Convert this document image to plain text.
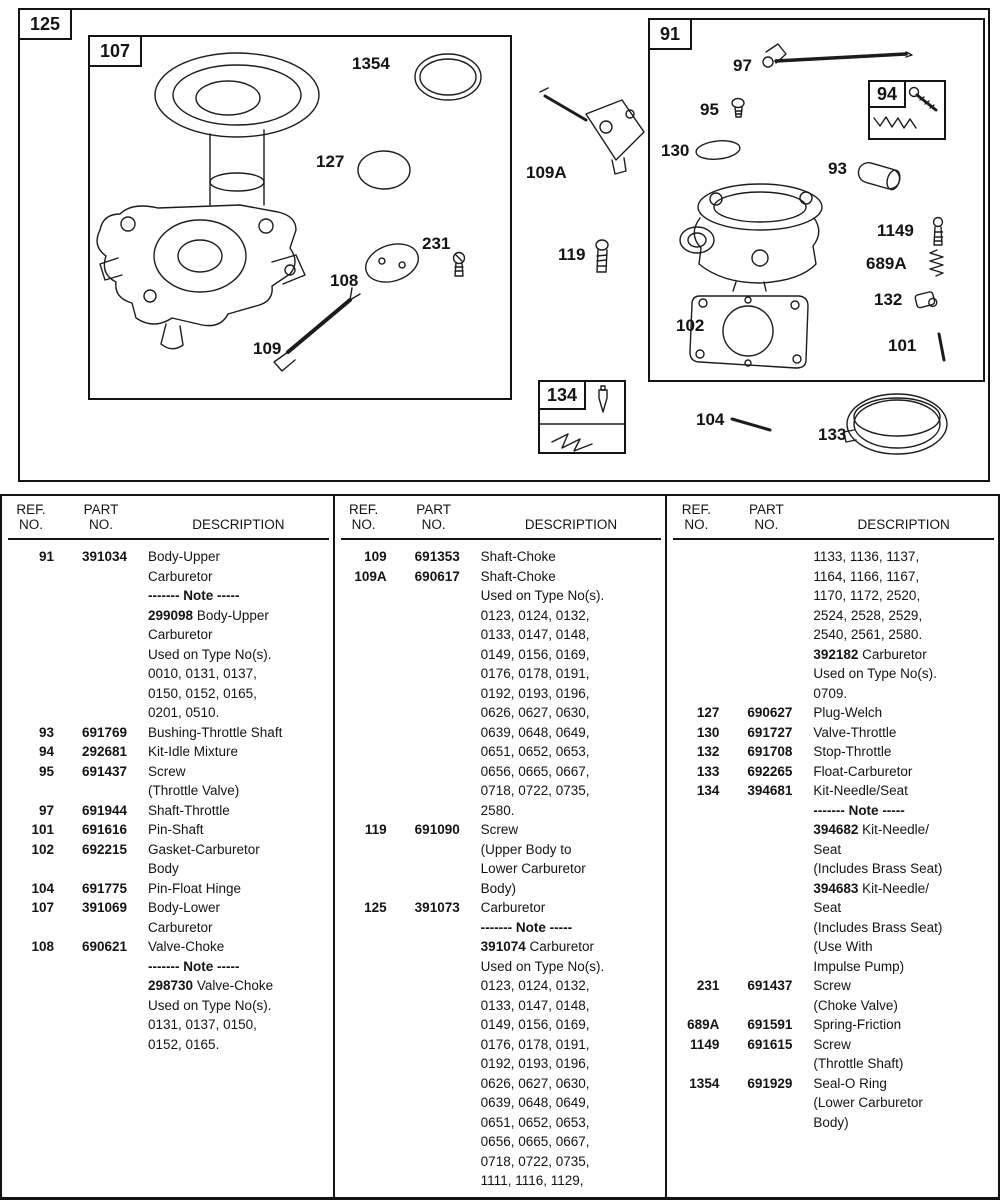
125
107
91
94
134
1354
127
109A
231
108
109
119
97
95
130
93
1149
689A
132
101
102
104
133
REF.
NO.
PART
NO.	DESCRIPTION
91	391034	Body-Upper
Carburetor
------- Note -----
299098 Body-Upper
Carburetor
Used on Type No(s).
0010, 0131, 0137,
0150, 0152, 0165,
0201, 0510.
93	691769	Bushing-Throttle Shaft
94	292681	Kit-Idle Mixture
95	691437	Screw
(Throttle Valve)
97	691944	Shaft-Throttle
101	691616	Pin-Shaft
102	692215	Gasket-Carburetor
Body
104	691775	Pin-Float Hinge
107	391069	Body-Lower
Carburetor
108	690621	Valve-Choke
------- Note -----
298730 Valve-Choke
Used on Type No(s).
0131, 0137, 0150,
0152, 0165.
REF.
NO.
PART
NO.	DESCRIPTION
109	691353	Shaft-Choke
109A	690617	Shaft-Choke
Used on Type No(s).
0123, 0124, 0132,
0133, 0147, 0148,
0149, 0156, 0169,
0176, 0178, 0191,
0192, 0193, 0196,
0626, 0627, 0630,
0639, 0648, 0649,
0651, 0652, 0653,
0656, 0665, 0667,
0718, 0722, 0735,
2580.
119	691090	Screw
(Upper Body to
Lower Carburetor
Body)
125	391073	Carburetor
------- Note -----
391074 Carburetor
Used on Type No(s).
0123, 0124, 0132,
0133, 0147, 0148,
0149, 0156, 0169,
0176, 0178, 0191,
0192, 0193, 0196,
0626, 0627, 0630,
0639, 0648, 0649,
0651, 0652, 0653,
0656, 0665, 0667,
0718, 0722, 0735,
1111, 1116, 1129,
REF.
NO.
PART
NO.	DESCRIPTION
1133, 1136, 1137,
1164, 1166, 1167,
1170, 1172, 2520,
2524, 2528, 2529,
2540, 2561, 2580.
392182 Carburetor
Used on Type No(s).
0709.
127	690627	Plug-Welch
130	691727	Valve-Throttle
132	691708	Stop-Throttle
133	692265	Float-Carburetor
134	394681	Kit-Needle/Seat
------- Note -----
394682 Kit-Needle/
Seat
(Includes Brass Seat)
394683 Kit-Needle/
Seat
(Includes Brass Seat)
(Use With
Impulse Pump)
231	691437	Screw
(Choke Valve)
689A	691591	Spring-Friction
1149	691615	Screw
(Throttle Shaft)
1354	691929	Seal-O Ring
(Lower Carburetor
Body)
